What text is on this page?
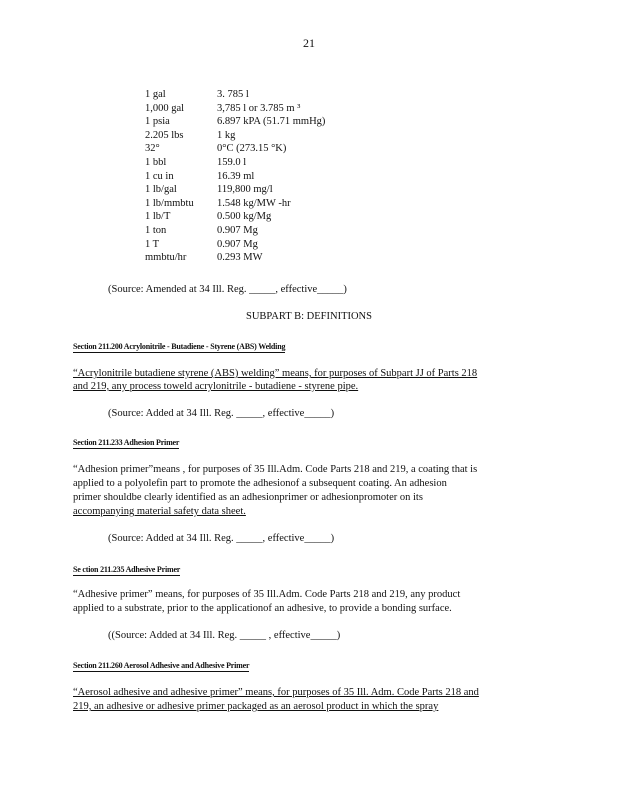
21
1 gal	3. 785 l
1,000 gal	3,785 l or 3.785 m ³
1 psia	6.897 kPA (51.71 mmHg)
2.205 lbs	1 kg
32°	0°C (273.15 °K)
1 bbl	159.0 l
1 cu in	16.39 ml
1 lb/gal	119,800 mg/l
1 lb/mmbtu 1.548 kg/MW -hr
1 lb/T	0.500 kg/Mg
1 ton	0.907 Mg
1 T	0.907 Mg
mmbtu/hr	0.293 MW
(Source: Amended at 34 Ill. Reg. _____, effective_____)
SUBPART B: DEFINITIONS
Section 211.200 Acrylonitrile - Butadiene - Styrene (ABS) Welding
“Acrylonitrile butadiene styrene (ABS) welding” means, for purposes of Subpart JJ of Parts 218
and 219, any process toweld acrylonitrile - butadiene - styrene pipe.
(Source: Added at 34 Ill. Reg. _____, effective_____)
Section 211.233 Adhesion Primer
“Adhesion primer”means , for purposes of 35 Ill.Adm. Code Parts 218 and 219, a coating that is
applied to a polyolefin part to promote the adhesionof a subsequent coating. An adhesion
primer shouldbe clearly identified as an adhesionprimer or adhesionpromoter on its
accompanying material safety data sheet.
(Source: Added at 34 Ill. Reg. _____, effective_____)
Se ction 211.235 Adhesive Primer
“Adhesive primer” means, for purposes of 35 Ill.Adm. Code Parts 218 and 219, any product
applied to a substrate, prior to the applicationof an adhesive, to provide a bonding surface.
((Source: Added at 34 Ill. Reg. _____ , effective_____)
Section 211.260 Aerosol Adhesive and Adhesive Primer
“Aerosol adhesive and adhesive primer” means, for purposes of 35 Ill. Adm. Code Parts 218 and
219, an adhesive or adhesive primer packaged as an aerosol product in which the spray
